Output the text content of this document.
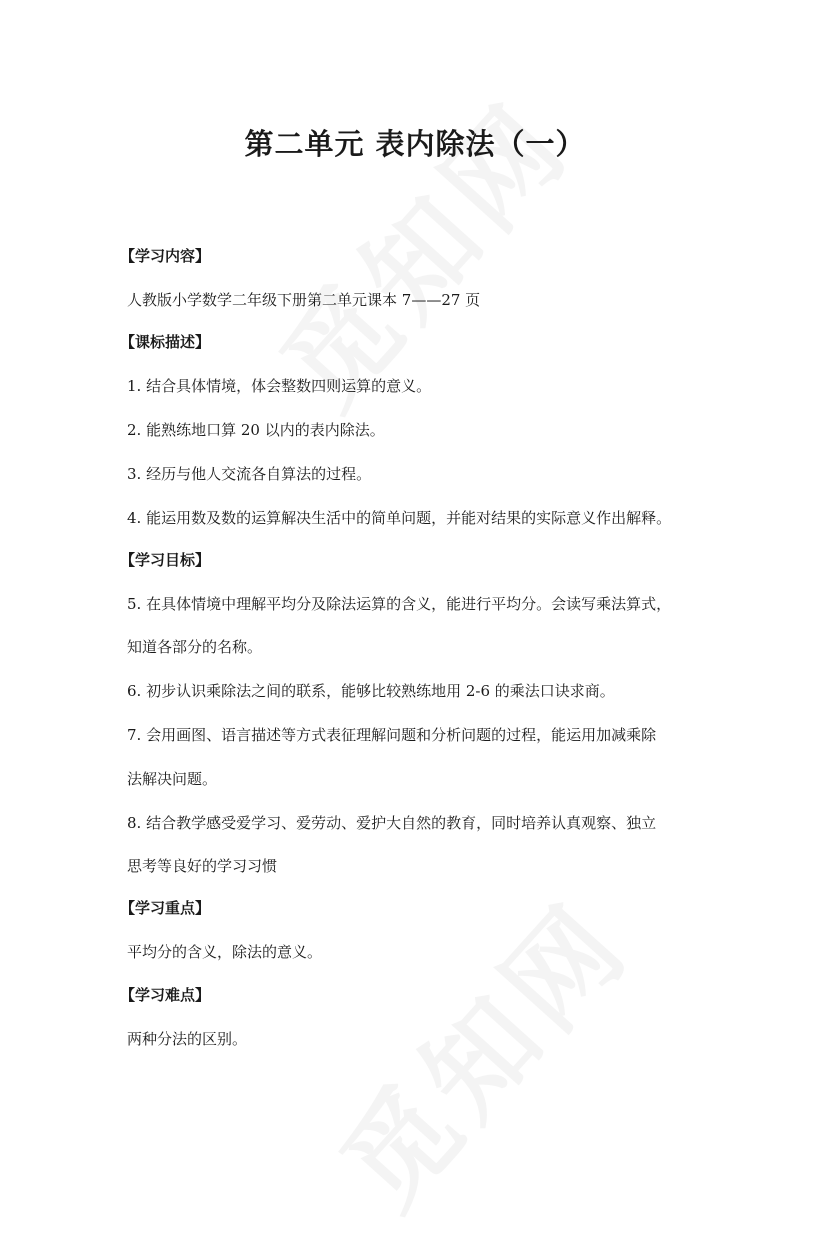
第二单元 表内除法（一）
【学习内容】
人教版小学数学二年级下册第二单元课本 7——27 页
【课标描述】
1. 结合具体情境，体会整数四则运算的意义。
2. 能熟练地口算 20 以内的表内除法。
3. 经历与他人交流各自算法的过程。
4. 能运用数及数的运算解决生活中的简单问题，并能对结果的实际意义作出解释。
【学习目标】
5. 在具体情境中理解平均分及除法运算的含义，能进行平均分。会读写乘法算式，
知道各部分的名称。
6. 初步认识乘除法之间的联系，能够比较熟练地用 2-6 的乘法口诀求商。
7. 会用画图、语言描述等方式表征理解问题和分析问题的过程，能运用加减乘除
法解决问题。
8. 结合教学感受爱学习、爱劳动、爱护大自然的教育，同时培养认真观察、独立
思考等良好的学习习惯
【学习重点】
平均分的含义，除法的意义。
【学习难点】
两种分法的区别。
